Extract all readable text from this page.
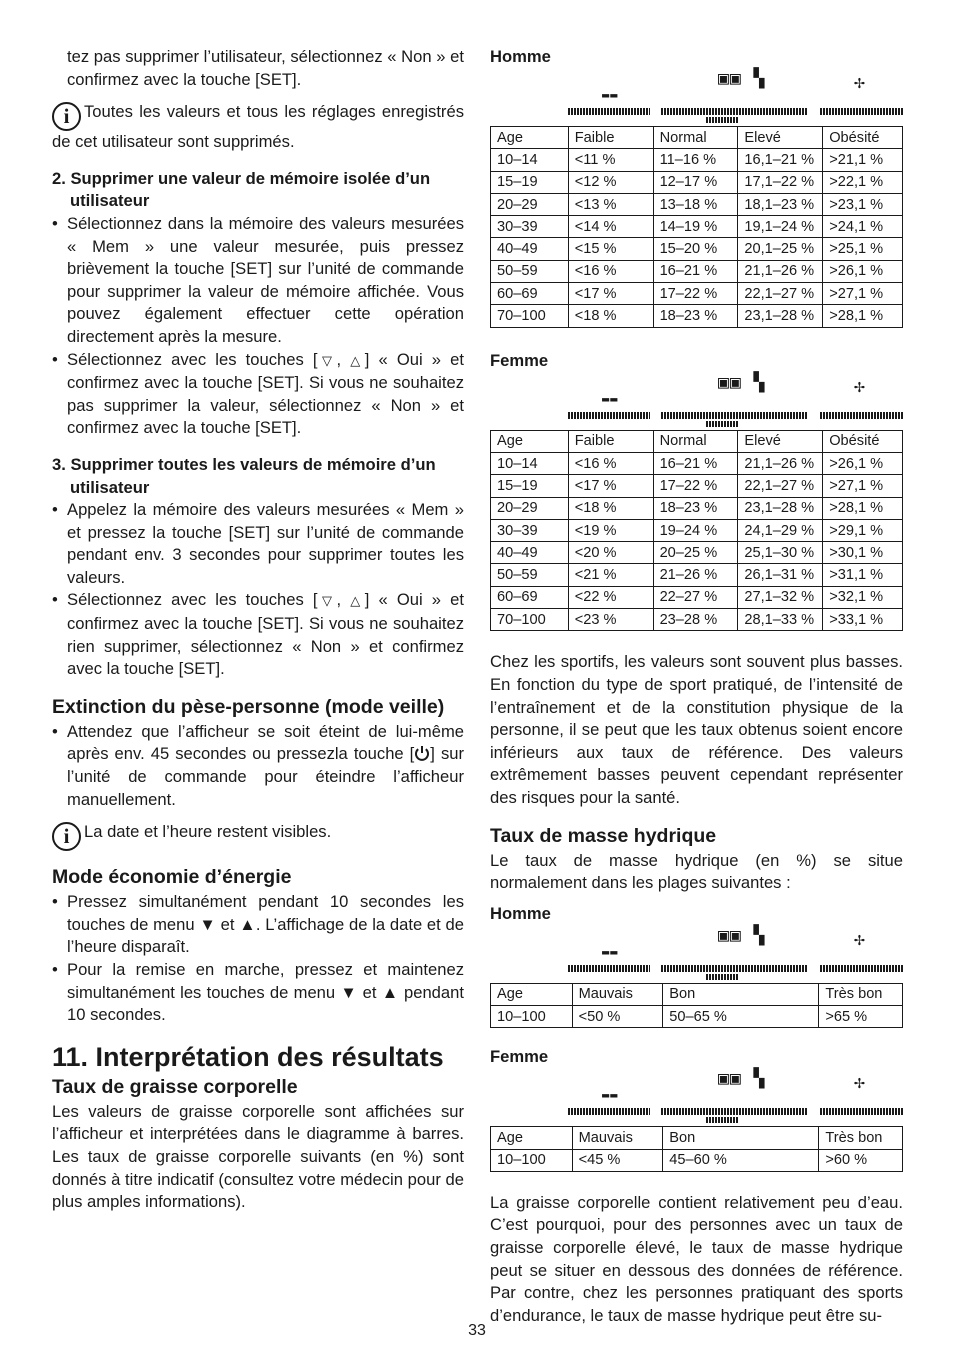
tez pas supprimer l’utilisateur, sélectionnez « Non » et confirmez avec la touche [SET].

i Toutes les valeurs et tous les réglages enregistrés de cet utilisateur sont supprimés.

2. Supprimer une valeur de mémoire isolée d’un utilisateur
• Sélectionnez dans la mémoire des valeurs mesurées « Mem » une valeur mesurée, puis pressez brièvement la touche [SET] sur l’unité de commande pour supprimer la valeur de mémoire affichée. Vous pouvez également effectuer cette opération directement après la mesure.
• Sélectionnez avec les touches [▽, △] « Oui » et confirmez avec la touche [SET]. Si vous ne souhaitez pas supprimer la valeur, sélectionnez « Non » et confirmez avec la touche [SET].
3. Supprimer toutes les valeurs de mémoire d’un utilisateur
• Appelez la mémoire des valeurs mesurées « Mem » et pressez la touche [SET] sur l’unité de commande pendant env. 3 secondes pour supprimer toutes les valeurs.
• Sélectionnez avec les touches [▽, △] « Oui » et confirmez avec la touche [SET]. Si vous ne souhaitez rien supprimer, sélectionnez « Non » et confirmez avec la touche [SET].
Extinction du pèse-personne (mode veille)
• Attendez que l’afficheur se soit éteint de lui-même après env. 45 secondes ou pressezla touche [ ] sur l’unité de commande pour éteindre l’afficheur manuellement.

i La date et l’heure restent visibles.

Mode économie d’énergie
• Pressez simultanément pendant 10 secondes les touches de menu ▼ et ▲. L’affichage de la date et de l’heure disparaît.
• Pour la remise en marche, pressez et maintenez simultanément les touches de menu ▼ et ▲ pendant 10 secondes.
11. Interprétation des résultats
Taux de graisse corporelle

Les valeurs de graisse corporelle sont affichées sur l’afficheur et interprétées dans le diagramme à barres. Les taux de graisse corporelle suivants (en %) sont donnés à titre indicatif (consultez votre médecin pour de plus amples informations).

Homme

▬▬
▣▣ ▚	✢
Age	Faible	Normal	Elevé	Obésité
10–14	<11 %	11–16 %	16,1–21 %	>21,1 %
15–19	<12 %	12–17 %	17,1–22 %	>22,1 %
20–29	<13 %	13–18 %	18,1–23 %	>23,1 %
30–39	<14 %	14–19 %	19,1–24 %	>24,1 %
40–49	<15 %	15–20 %	20,1–25 %	>25,1 %
50–59	<16 %	16–21 %	21,1–26 %	>26,1 %
60–69	<17 %	17–22 %	22,1–27 %	>27,1 %
70–100	<18 %	18–23 %	23,1–28 %	>28,1 %

Femme

▬▬
▣▣ ▚	✢
Age	Faible	Normal	Elevé	Obésité
10–14	<16 %	16–21 %	21,1–26 %	>26,1 %
15–19	<17 %	17–22 %	22,1–27 %	>27,1 %
20–29	<18 %	18–23 %	23,1–28 %	>28,1 %
30–39	<19 %	19–24 %	24,1–29 %	>29,1 %
40–49	<20 %	20–25 %	25,1–30 %	>30,1 %
50–59	<21 %	21–26 %	26,1–31 %	>31,1 %
60–69	<22 %	22–27 %	27,1–32 %	>32,1 %
70–100	<23 %	23–28 %	28,1–33 %	>33,1 %

Chez les sportifs, les valeurs sont souvent plus basses. En fonction du type de sport pratiqué, de l’intensité de l’entraînement et de la constitution physique de la personne, il se peut que les taux obtenus soient encore inférieurs aux taux de référence. Des valeurs extrêmement basses peuvent cependant représenter des risques pour la santé.

Taux de masse hydrique

Le taux de masse hydrique (en %) se situe normalement dans les plages suivantes :

Homme

▬▬
▣▣ ▚	✢
Age	Mauvais	Bon	Très bon
10–100	<50 %	50–65 %	>65 %

Femme

▬▬
▣▣ ▚	✢
Age	Mauvais	Bon	Très bon
10–100	<45 %	45–60 %	>60 %

La graisse corporelle contient relativement peu d’eau. C’est pourquoi, pour des personnes avec un taux de graisse corporelle élevé, le taux de masse hydrique peut se situer en dessous des données de référence. Par contre, chez les personnes pratiquant des sports d’endurance, le taux de masse hydrique peut être su-

33
